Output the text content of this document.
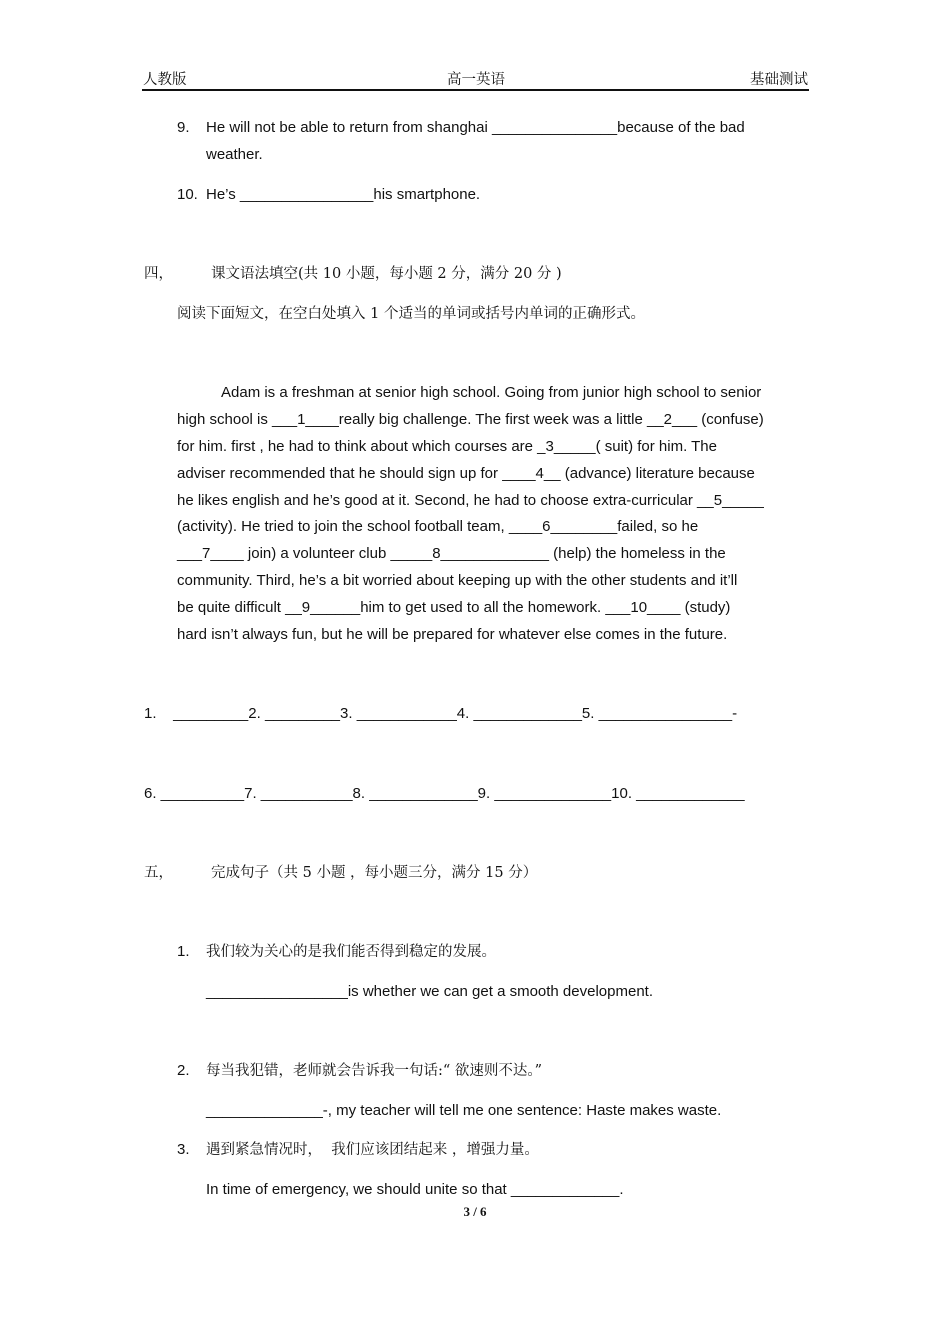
人教版	高一英语	基础测试
9. He will not be able to return from shanghai _______________because of the bad
weather.
10. He’s ________________his smartphone.
四，	课文语法填空(共 10 小题，每小题 2 分，满分 20 分 )
阅读下面短文，在空白处填入 1 个适当的单词或括号内单词的正确形式。
Adam is a freshman at senior high school. Going from junior high school to senior
high school is ___1____really big challenge. The first week was a little __2___ (confuse)
for him. first , he had to think about which courses are _3_____( suit) for him. The
adviser recommended that he should sign up for ____4__ (advance) literature because
he likes english and he’s good at it. Second, he had to choose extra-curricular __5_____
(activity). He tried to join the school football team, ____6________failed, so he
___7____ join) a volunteer club _____8_____________ (help) the homeless in the
community. Third, he’s a bit worried about keeping up with the other students and it’ll
be quite difficult __9______him to get used to all the homework. ___10____ (study)
hard isn’t always fun, but he will be prepared for whatever else comes in the future.
1.    _________2. _________3. ____________4. _____________5. ________________-
6. __________7. ___________8. _____________9. ______________10. _____________
五，	完成句子（共 5 小题 ，每小题三分，满分 15 分）
1. 我们较为关心的是我们能否得到稳定的发展。
_________________is whether we can get a smooth development.
2. 每当我犯错，老师就会告诉我一句话:“ 欲速则不达。”
______________-, my teacher will tell me one sentence: Haste makes waste.
3. 遇到紧急情况时，  我们应该团结起来 ，增强力量。
In time of emergency, we should unite so that _____________.
3 / 6
